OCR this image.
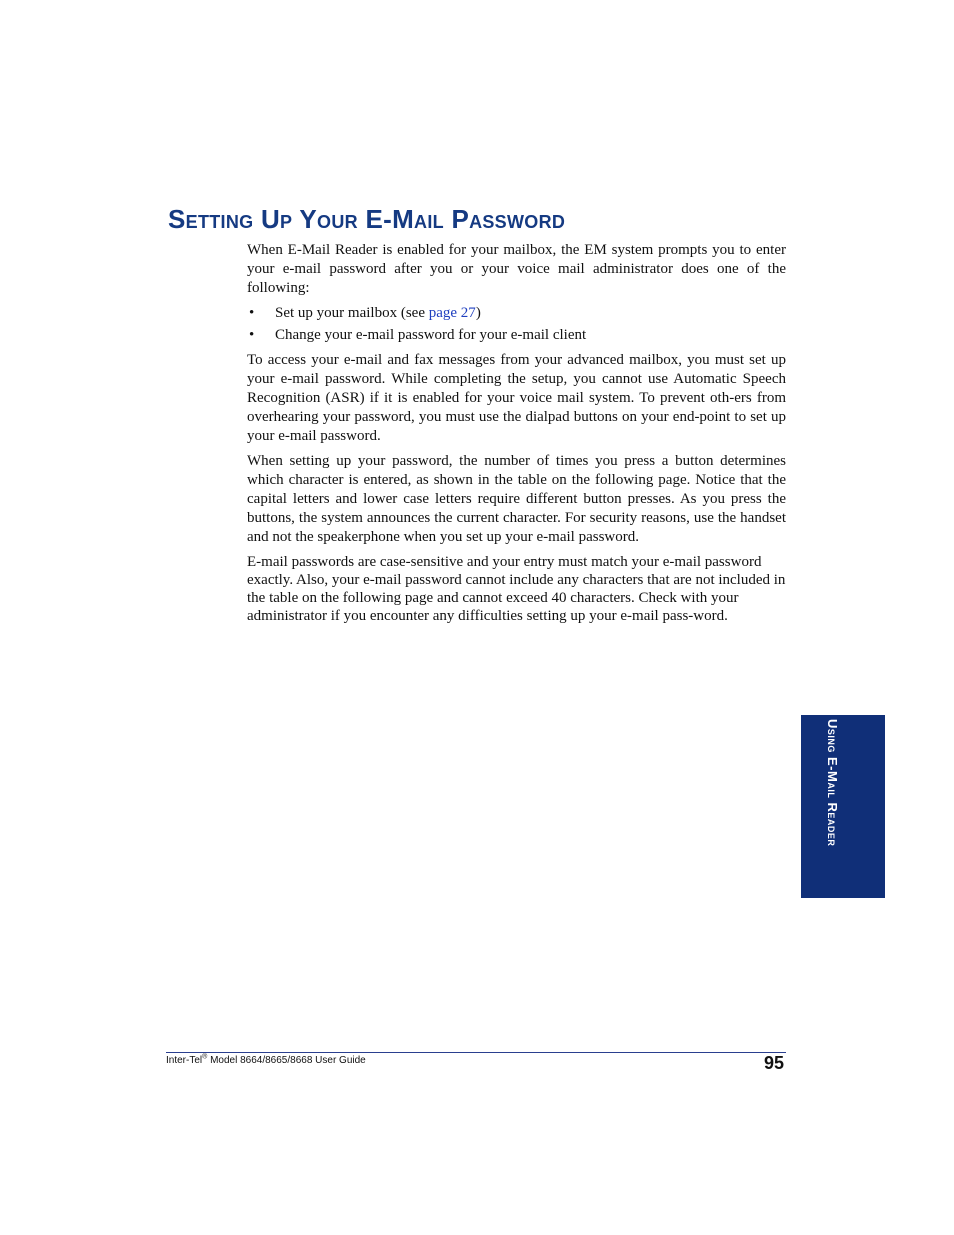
Setting Up Your E-Mail Password

When E-Mail Reader is enabled for your mailbox, the EM system prompts you to enter your e-mail password after you or your voice mail administrator does one of the following:

• Set up your mailbox (see page 27)
• Change your e-mail password for your e-mail client

To access your e-mail and fax messages from your advanced mailbox, you must set up your e-mail password. While completing the setup, you cannot use Automatic Speech Recognition (ASR) if it is enabled for your voice mail system. To prevent oth-ers from overhearing your password, you must use the dialpad buttons on your end-point to set up your e-mail password.

When setting up your password, the number of times you press a button determines which character is entered, as shown in the table on the following page. Notice that the capital letters and lower case letters require different button presses. As you press the buttons, the system announces the current character. For security reasons, use the handset and not the speakerphone when you set up your e-mail password.

E-mail passwords are case-sensitive and your entry must match your e-mail password exactly. Also, your e-mail password cannot include any characters that are not included in the table on the following page and cannot exceed 40 characters. Check with your administrator if you encounter any difficulties setting up your e-mail pass-word.

Using E-Mail Reader
Inter-Tel® Model 8664/8665/8668 User Guide	95
